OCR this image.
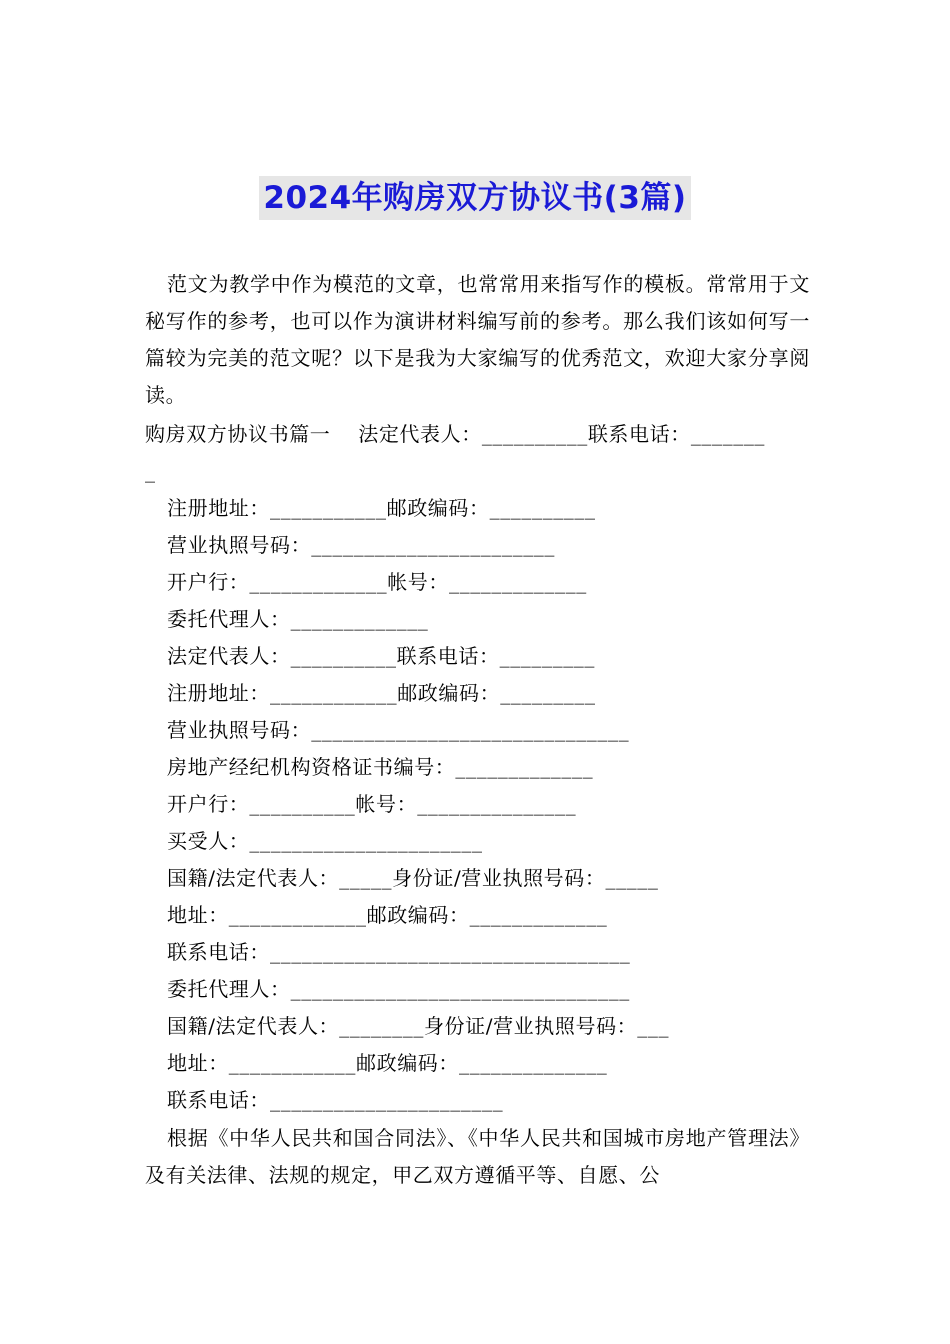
2024年购房双方协议书(3篇)

范文为教学中作为模范的文章，也常常用来指写作的模板。常常用于文秘写作的参考，也可以作为演讲材料编写前的参考。那么我们该如何写一篇较为完美的范文呢？以下是我为大家编写的优秀范文，欢迎大家分享阅读。

购房双方协议书篇一    法定代表人：__________联系电话：_______

_

注册地址：___________邮政编码：__________

营业执照号码：_______________________

开户行：_____________帐号：_____________

委托代理人：_____________

法定代表人：__________联系电话：_________

注册地址：____________邮政编码：_________

营业执照号码：______________________________

房地产经纪机构资格证书编号：_____________

开户行：__________帐号：_______________

买受人：______________________

国籍/法定代表人：_____身份证/营业执照号码：_____

地址：_____________邮政编码：_____________

联系电话：__________________________________

委托代理人：________________________________

国籍/法定代表人：________身份证/营业执照号码：___

地址：____________邮政编码：______________

联系电话：______________________

根据《中华人民共和国合同法》、《中华人民共和国城市房地产管理法》及有关法律、法规的规定，甲乙双方遵循平等、自愿、公
